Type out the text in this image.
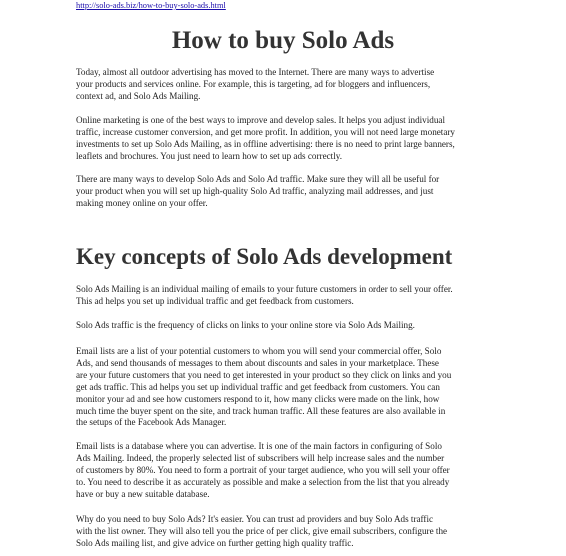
http://solo-ads.biz/how-to-buy-solo-ads.html
How to buy Solo Ads

Today, almost all outdoor advertising has moved to the Internet. There are many ways to advertise
your products and services online. For example, this is targeting, ad for bloggers and influencers,
context ad, and Solo Ads Mailing.

Online marketing is one of the best ways to improve and develop sales. It helps you adjust individual
traffic, increase customer conversion, and get more profit. In addition, you will not need large monetary
investments to set up Solo Ads Mailing, as in offline advertising: there is no need to print large banners,
leaflets and brochures. You just need to learn how to set up ads correctly.

There are many ways to develop Solo Ads and Solo Ad traffic. Make sure they will all be useful for
your product when you will set up high-quality Solo Ad traffic, analyzing mail addresses, and just
making money online on your offer.

Key concepts of Solo Ads development

Solo Ads Mailing is an individual mailing of emails to your future customers in order to sell your offer.
This ad helps you set up individual traffic and get feedback from customers.

Solo Ads traffic is the frequency of clicks on links to your online store via Solo Ads Mailing.

Email lists are a list of your potential customers to whom you will send your commercial offer, Solo
Ads, and send thousands of messages to them about discounts and sales in your marketplace. These
are your future customers that you need to get interested in your product so they click on links and you
get ads traffic. This ad helps you set up individual traffic and get feedback from customers. You can
monitor your ad and see how customers respond to it, how many clicks were made on the link, how
much time the buyer spent on the site, and track human traffic. All these features are also available in
the setups of the Facebook Ads Manager.

Email lists is a database where you can advertise. It is one of the main factors in configuring of Solo
Ads Mailing. Indeed, the properly selected list of subscribers will help increase sales and the number
of customers by 80%. You need to form a portrait of your target audience, who you will sell your offer
to. You need to describe it as accurately as possible and make a selection from the list that you already
have or buy a new suitable database.

Why do you need to buy Solo Ads? It's easier. You can trust ad providers and buy Solo Ads traffic
with the list owner. They will also tell you the price of per click, give email subscribers, configure the
Solo Ads mailing list, and give advice on further getting high quality traffic.
